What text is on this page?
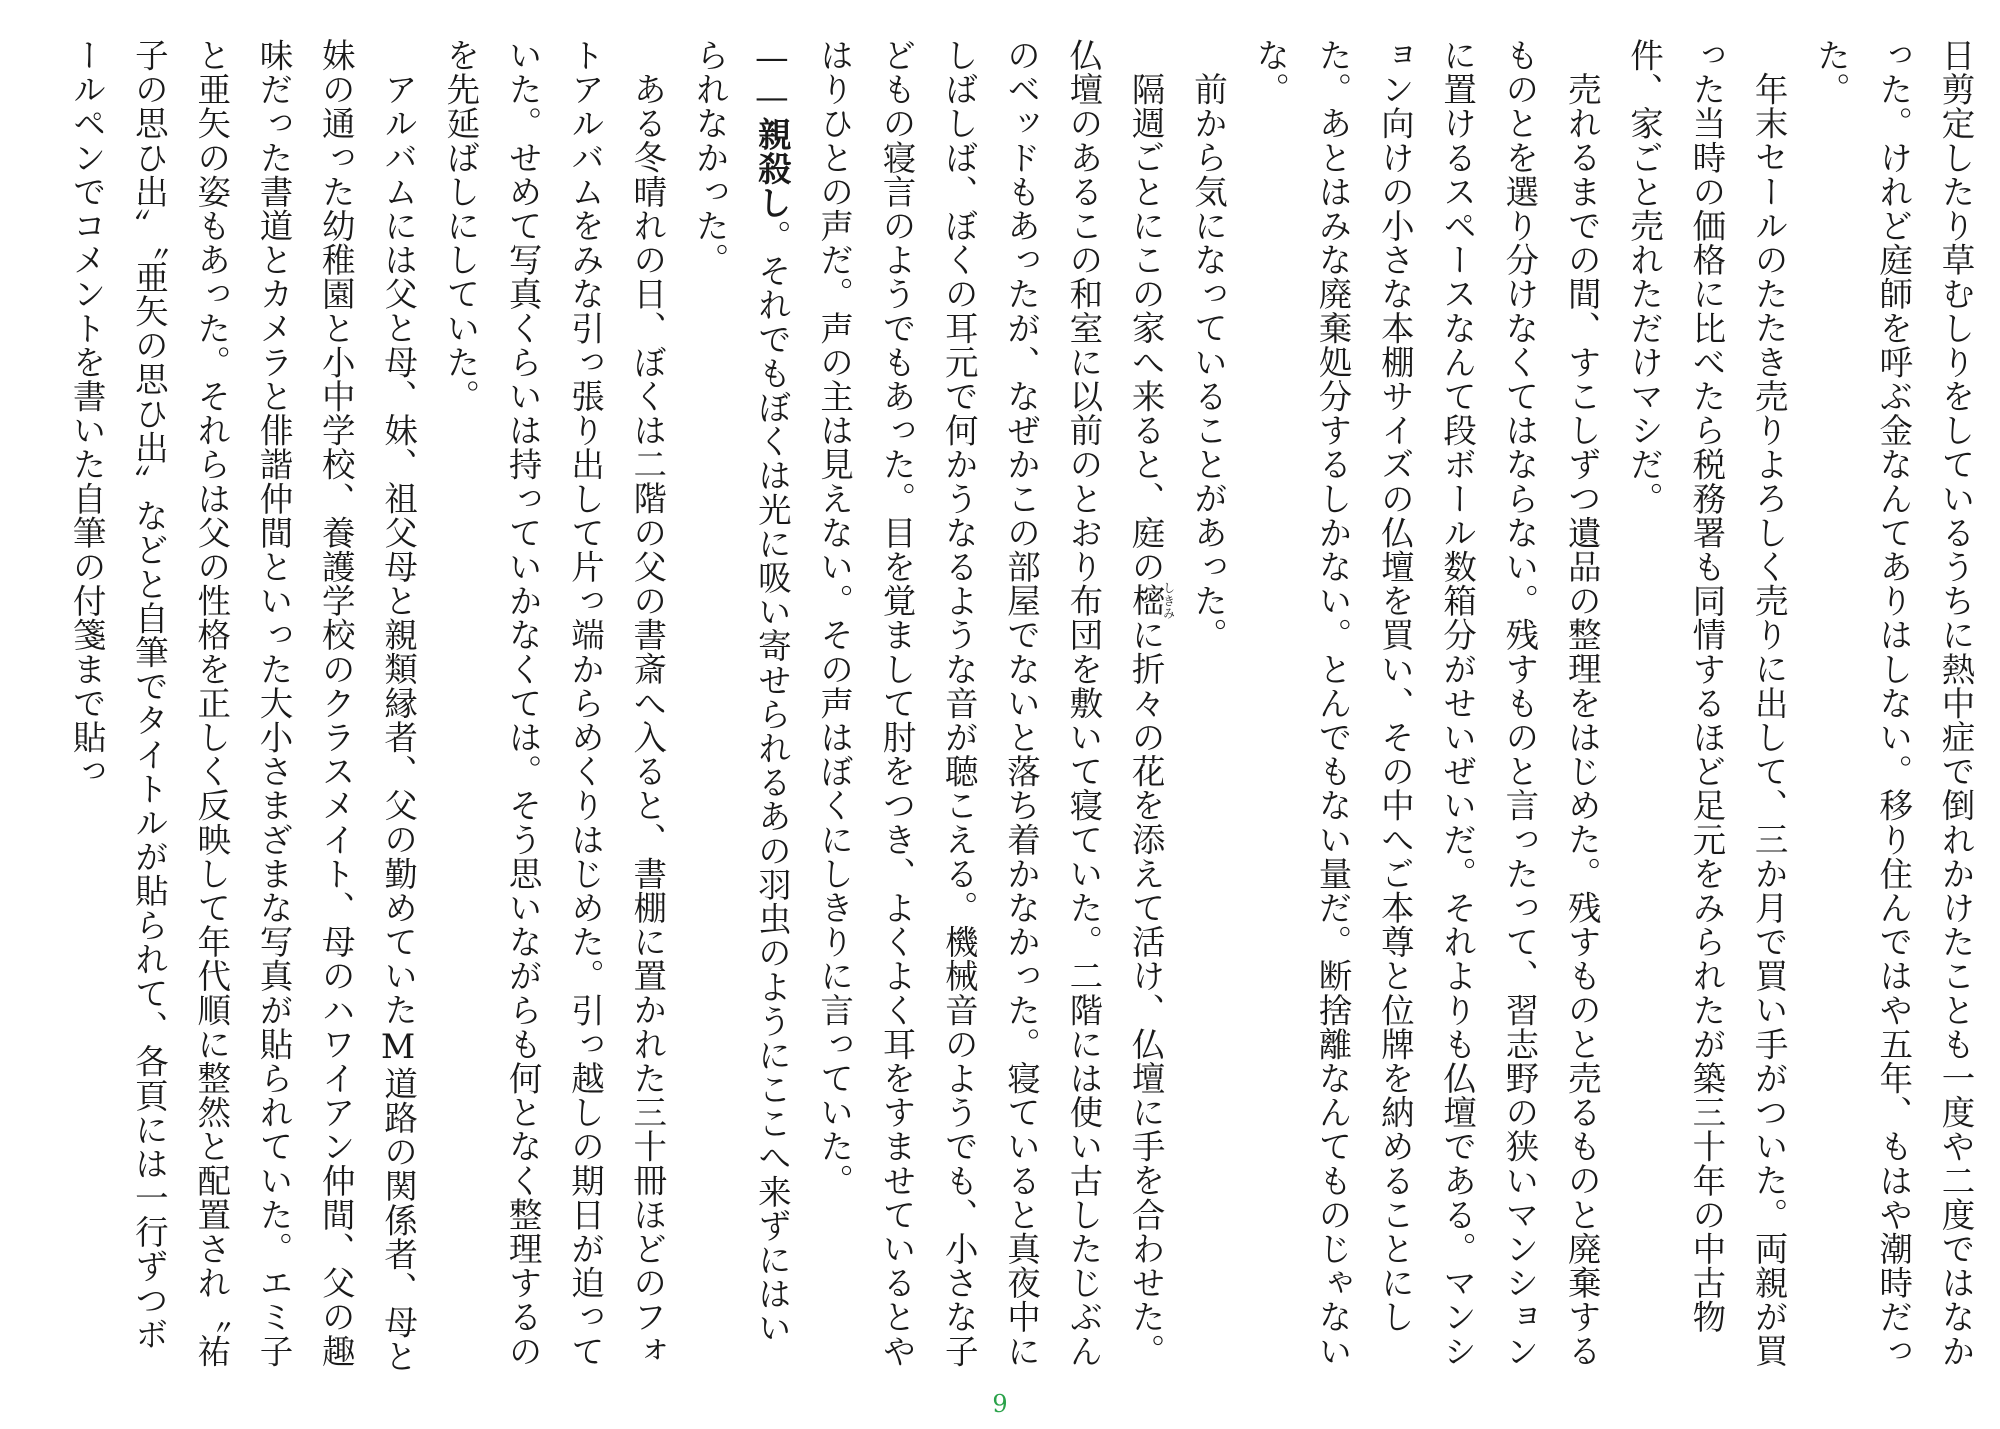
日剪定したり草むしりをしているうちに熱中症で倒れかけたことも一度や二度ではなかった。けれど庭師を呼ぶ金なんてありはしない。移り住んではや五年、もはや潮時だった。

年末セールのたたき売りよろしく売りに出して、三か月で買い手がついた。両親が買った当時の価格に比べたら税務署も同情するほど足元をみられたが築三十年の中古物件、家ごと売れただけマシだ。

売れるまでの間、すこしずつ遺品の整理をはじめた。残すものと売るものと廃棄するものとを選り分けなくてはならない。残すものと言ったって、習志野の狭いマンションに置けるスペースなんて段ボール数箱分がせいぜいだ。それよりも仏壇である。マンション向けの小さな本棚サイズの仏壇を買い、その中へご本尊と位牌を納めることにした。あとはみな廃棄処分するしかない。とんでもない量だ。断捨離なんてものじゃないな。

前から気になっていることがあった。

隔週ごとにこの家へ来ると、庭の樒しきみに折々の花を添えて活け、仏壇に手を合わせた。仏壇のあるこの和室に以前のとおり布団を敷いて寝ていた。二階には使い古したじぶんのベッドもあったが、なぜかこの部屋でないと落ち着かなかった。寝ていると真夜中にしばしば、ぼくの耳元で何かうなるような音が聴こえる。機械音のようでも、小さな子どもの寝言のようでもあった。目を覚まして肘をつき、よくよく耳をすませているとやはりひとの声だ。声の主は見えない。その声はぼくにしきりに言っていた。

——親殺し。それでもぼくは光に吸い寄せられるあの羽虫のようにここへ来ずにはいられなかった。

ある冬晴れの日、ぼくは二階の父の書斎へ入ると、書棚に置かれた三十冊ほどのフォトアルバムをみな引っ張り出して片っ端からめくりはじめた。引っ越しの期日が迫っていた。せめて写真くらいは持っていかなくては。そう思いながらも何となく整理するのを先延ばしにしていた。

アルバムには父と母、妹、祖父母と親類縁者、父の勤めていたM道路の関係者、母と妹の通った幼稚園と小中学校、養護学校のクラスメイト、母のハワイアン仲間、父の趣味だった書道とカメラと俳諧仲間といった大小さまざまな写真が貼られていた。エミ子と亜矢の姿もあった。それらは父の性格を正しく反映して年代順に整然と配置され〝祐子の思ひ出〟〝亜矢の思ひ出〟などと自筆でタイトルが貼られて、各頁には一行ずつボールペンでコメントを書いた自筆の付箋まで貼っ

9
